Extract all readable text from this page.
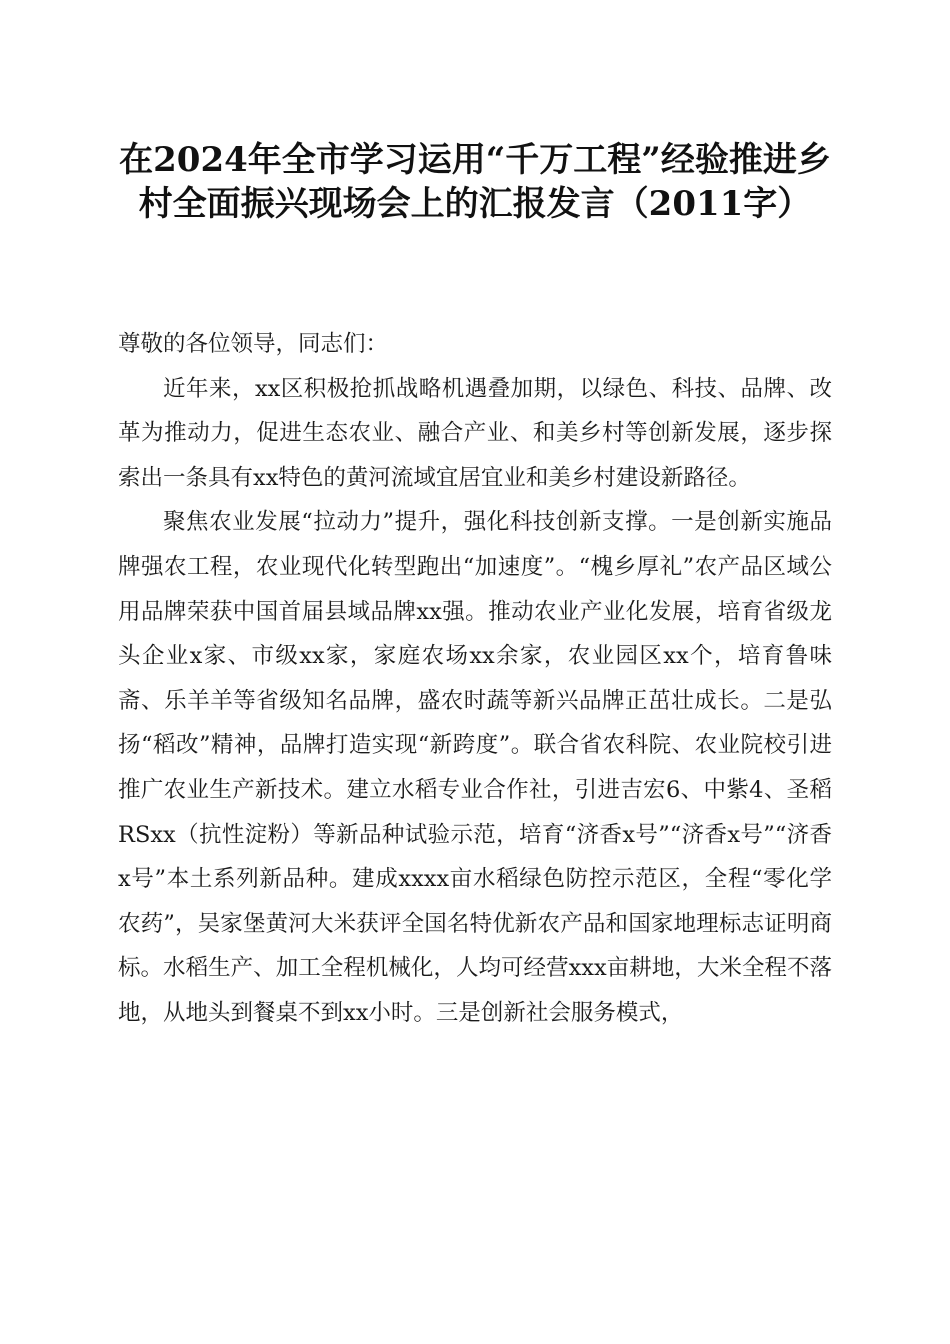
在2024年全市学习运用“千万工程”经验推进乡村全面振兴现场会上的汇报发言（2011字）

尊敬的各位领导，同志们：

近年来，xx区积极抢抓战略机遇叠加期，以绿色、科技、品牌、改革为推动力，促进生态农业、融合产业、和美乡村等创新发展，逐步探索出一条具有xx特色的黄河流域宜居宜业和美乡村建设新路径。

聚焦农业发展“拉动力”提升，强化科技创新支撑。一是创新实施品牌强农工程，农业现代化转型跑出“加速度”。“槐乡厚礼”农产品区域公用品牌荣获中国首届县域品牌xx强。推动农业产业化发展，培育省级龙头企业x家、市级xx家，家庭农场xx余家，农业园区xx个，培育鲁味斋、乐羊羊等省级知名品牌，盛农时蔬等新兴品牌正茁壮成长。二是弘扬“稻改”精神，品牌打造实现“新跨度”。联合省农科院、农业院校引进推广农业生产新技术。建立水稻专业合作社，引进吉宏6、中紫4、圣稻RSxx（抗性淀粉）等新品种试验示范，培育“济香x号”“济香x号”“济香x号”本土系列新品种。建成xxxx亩水稻绿色防控示范区，全程“零化学农药”，吴家堡黄河大米获评全国名特优新农产品和国家地理标志证明商标。水稻生产、加工全程机械化，人均可经营xxx亩耕地，大米全程不落地，从地头到餐桌不到xx小时。三是创新社会服务模式，
